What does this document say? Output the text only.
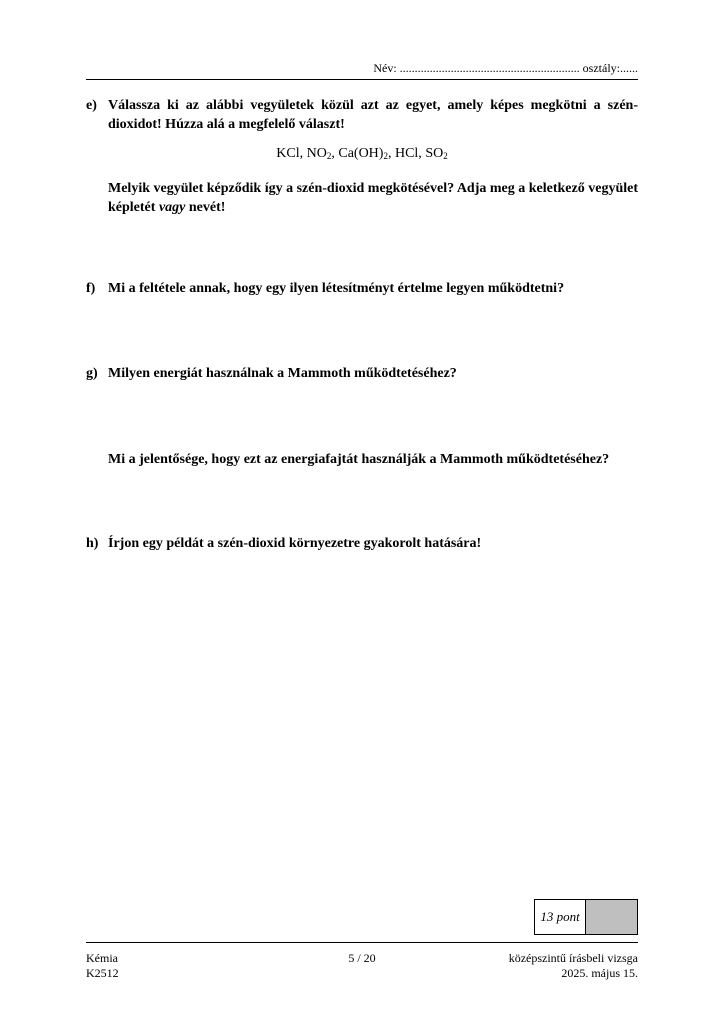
Név: ............................................................ osztály:......
e) Válassza ki az alábbi vegyületek közül azt az egyet, amely képes megkötni a szén-dioxidot! Húzza alá a megfelelő választ!
KCl, $NO_2$, $Ca(OH)_2$, HCl, $SO_2$
Melyik vegyület képződik így a szén-dioxid megkötésével? Adja meg a keletkező vegyület képletét vagy nevét!
f) Mi a feltétele annak, hogy egy ilyen létesítményt értelme legyen működtetni?
g) Milyen energiát használnak a Mammoth működtetéséhez?
Mi a jelentősége, hogy ezt az energiafajtát használják a Mammoth működtetéséhez?
h) Írjon egy példát a szén-dioxid környezetre gyakorolt hatására!
13 pont
Kémia
K2512
5 / 20	középszintű írásbeli vizsga
2025. május 15.
